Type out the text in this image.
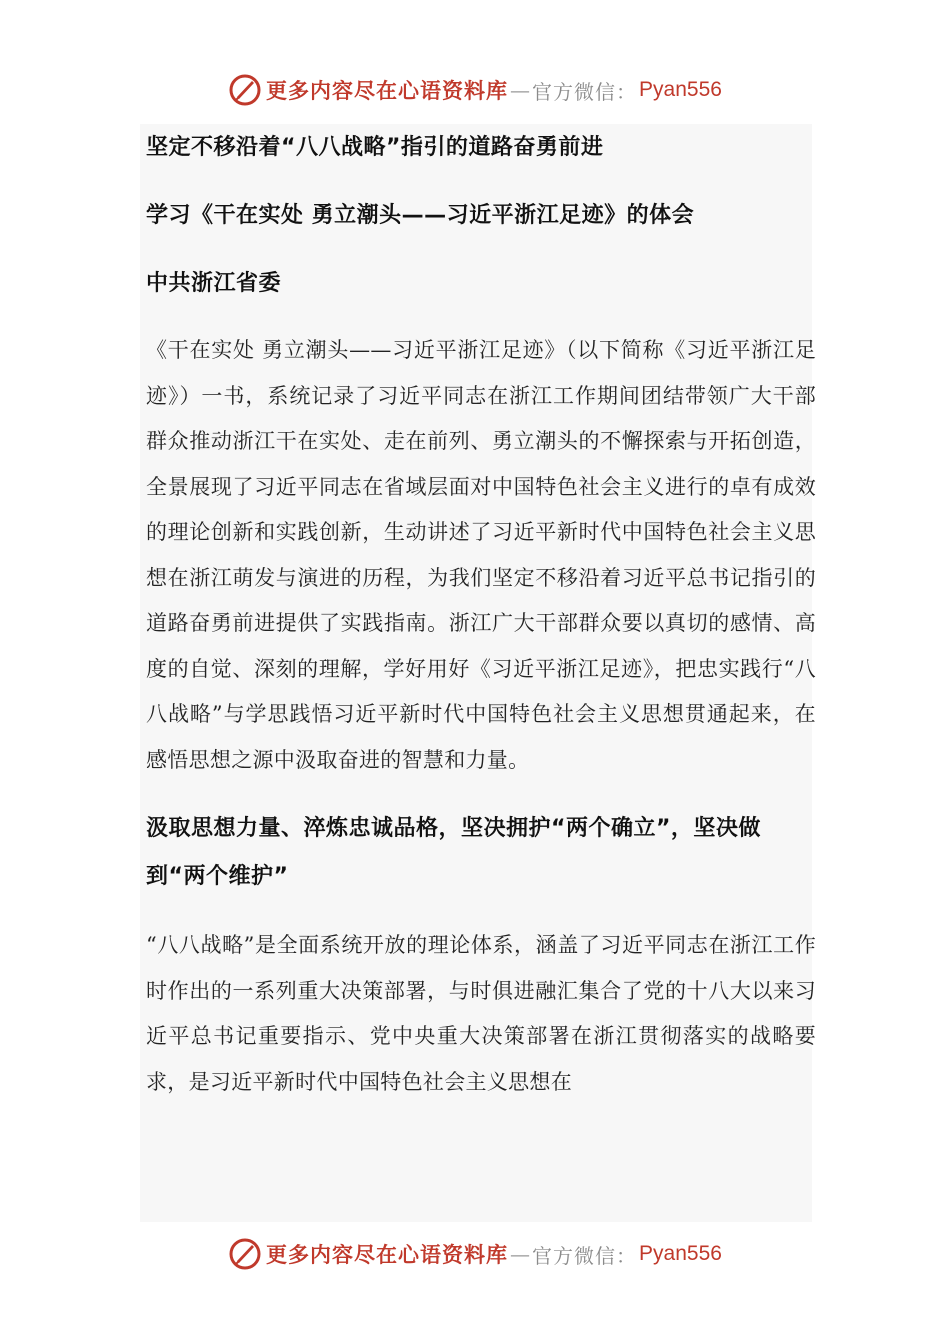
更多内容尽在心语资料库 — 官方微信： Pyan556

坚定不移沿着“八八战略”指引的道路奋勇前进

学习《干在实处 勇立潮头——习近平浙江足迹》的体会

中共浙江省委

《干在实处 勇立潮头——习近平浙江足迹》（以下简称《习近平浙江足迹》）一书，系统记录了习近平同志在浙江工作期间团结带领广大干部群众推动浙江干在实处、走在前列、勇立潮头的不懈探索与开拓创造，全景展现了习近平同志在省域层面对中国特色社会主义进行的卓有成效的理论创新和实践创新，生动讲述了习近平新时代中国特色社会主义思想在浙江萌发与演进的历程，为我们坚定不移沿着习近平总书记指引的道路奋勇前进提供了实践指南。浙江广大干部群众要以真切的感情、高度的自觉、深刻的理解，学好用好《习近平浙江足迹》，把忠实践行“八八战略”与学思践悟习近平新时代中国特色社会主义思想贯通起来，在感悟思想之源中汲取奋进的智慧和力量。

汲取思想力量、淬炼忠诚品格，坚决拥护“两个确立”，坚决做到“两个维护”

“八八战略”是全面系统开放的理论体系，涵盖了习近平同志在浙江工作时作出的一系列重大决策部署，与时俱进融汇集合了党的十八大以来习近平总书记重要指示、党中央重大决策部署在浙江贯彻落实的战略要求，是习近平新时代中国特色社会主义思想在

更多内容尽在心语资料库 — 官方微信： Pyan556
